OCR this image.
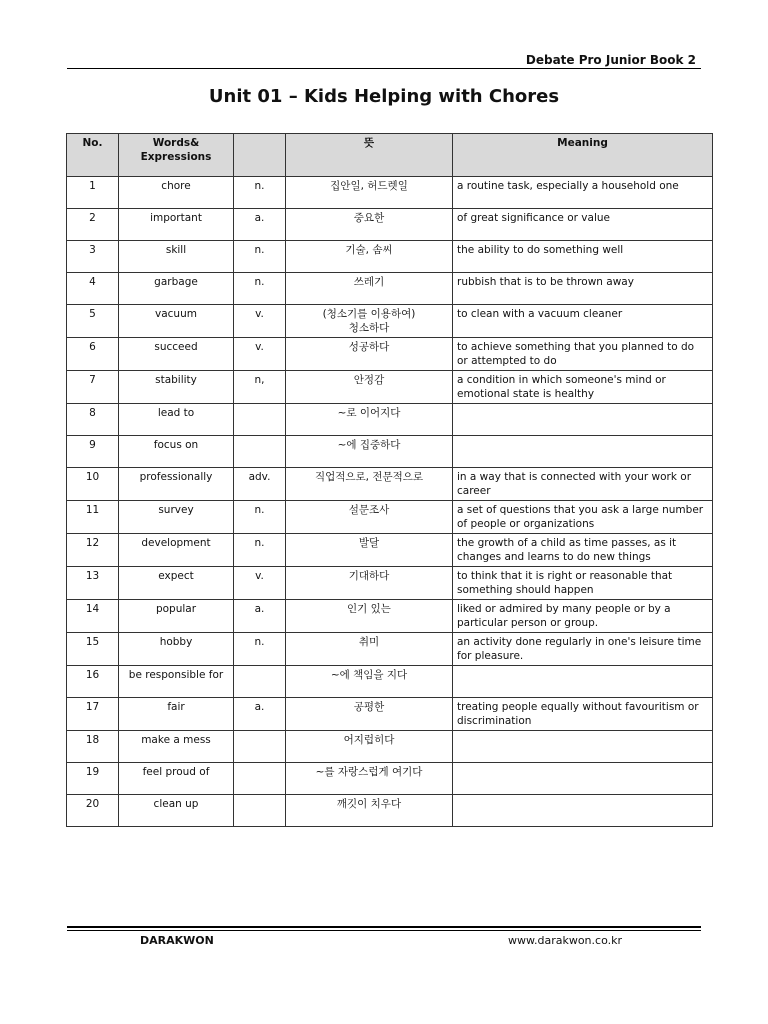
Debate Pro Junior Book 2
Unit 01 – Kids Helping with Chores
No.	Words&
Expressions		뜻	Meaning
1	chore	n.	집안일, 허드렛일	a routine task, especially a household one
2	important	a.	중요한	of great significance or value
3	skill	n.	기술, 솜씨	the ability to do something well
4	garbage	n.	쓰레기	rubbish that is to be thrown away
5	vacuum	v.	(청소기를 이용하여)
청소하다	to clean with a vacuum cleaner
6	succeed	v.	성공하다	to achieve something that you planned to do or attempted to do
7	stability	n,	안정감	a condition in which someone's mind or emotional state is healthy
8	lead to		~로 이어지다	
9	focus on		~에 집중하다	
10	professionally	adv.	직업적으로, 전문적으로	in a way that is connected with your work or career
11	survey	n.	설문조사	a set of questions that you ask a large number of people or organizations
12	development	n.	발달	the growth of a child as time passes, as it changes and learns to do new things
13	expect	v.	기대하다	to think that it is right or reasonable that something should happen
14	popular	a.	인기 있는	liked or admired by many people or by a particular person or group.
15	hobby	n.	취미	an activity done regularly in one's leisure time for pleasure.
16	be responsible for		~에 책임을 지다	
17	fair	a.	공평한	treating people equally without favouritism or discrimination
18	make a mess		어지럽히다	
19	feel proud of		~를 자랑스럽게 여기다	
20	clean up		깨깃이 치우다	
DARAKWON	www.darakwon.co.kr
